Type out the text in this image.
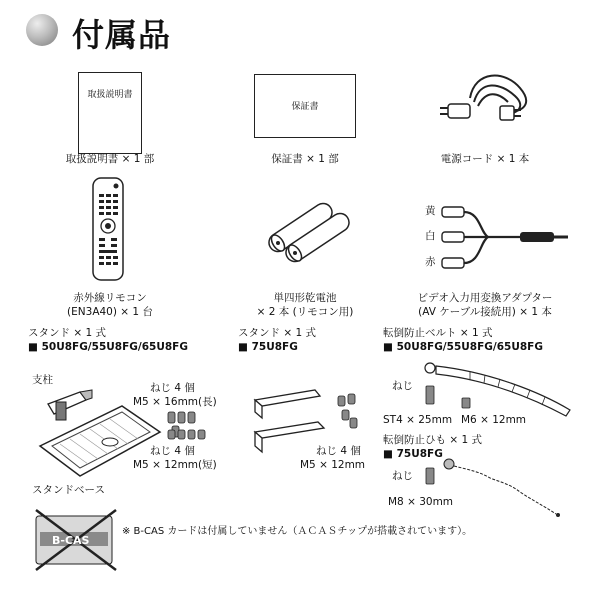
付属品
取扱説明書
取扱説明書 × 1 部
保証書
保証書 × 1 部	電源コード × 1 本
赤外線リモコン
(EN3A40) × 1 台
単四形乾電池
× 2 本 (リモコン用)
黄
白
赤
ビデオ入力用変換アダプター
(AV ケーブル接続用) × 1 本
スタンド × 1 式
■ 50U8FG/55U8FG/65U8FG
スタンド × 1 式
■ 75U8FG
転倒防止ベルト × 1 式
■ 50U8FG/55U8FG/65U8FG
支柱
ねじ 4 個
M5 × 16mm(長)
ねじ 4 個
M5 × 12mm(短)
スタンドベース
ねじ 4 個
M5 × 12mm
ねじ
ST4 × 25mm M6 × 12mm
転倒防止ひも × 1 式
■ 75U8FG
ねじ
M8 × 30mm
B-CAS
※ B-CAS カードは付属していません（ＡＣＡＳチップが搭載されています）。
